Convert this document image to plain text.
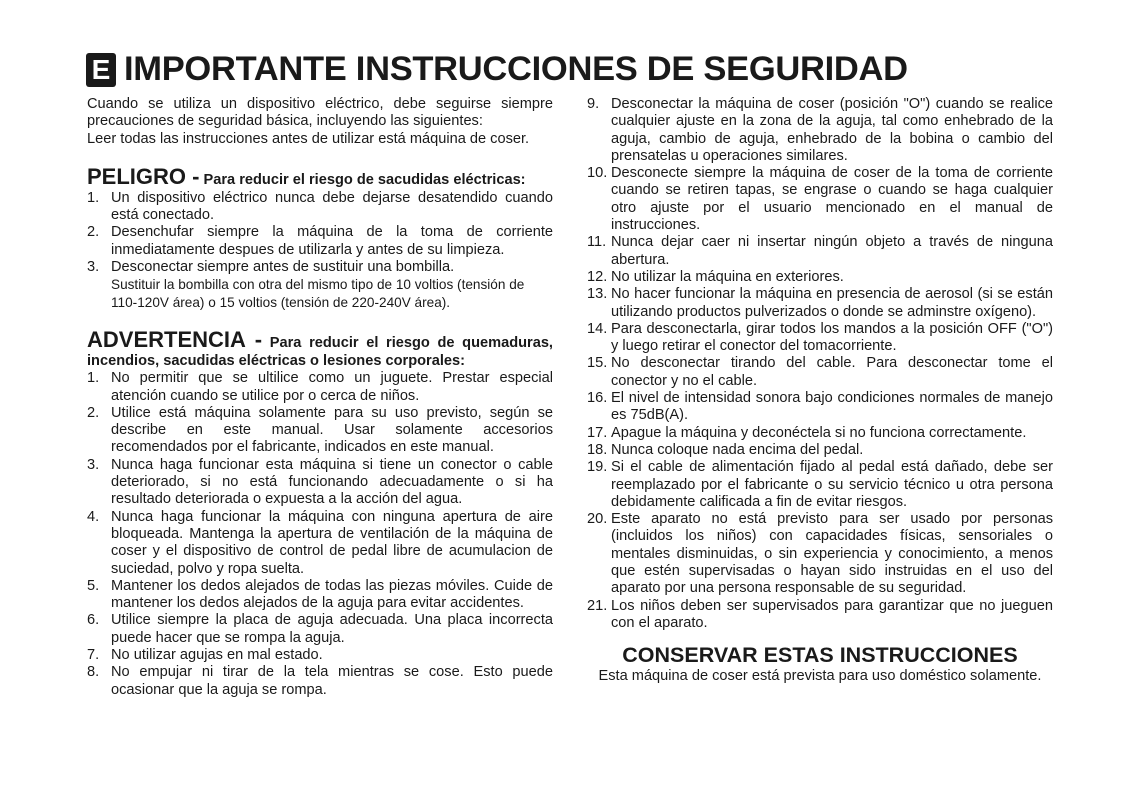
E IMPORTANTE INSTRUCCIONES DE SEGURIDAD

Cuando se utiliza un dispositivo eléctrico, debe seguirse siempre precauciones de seguridad básica, incluyendo las siguientes:

Leer todas las instrucciones antes de utilizar está máquina de coser.

PELIGRO - Para reducir el riesgo de sacudidas eléctricas:
1. Un dispositivo eléctrico nunca debe dejarse desatendido cuando está conectado.
2. Desenchufar siempre la máquina de la toma de corriente inmediatamente despues de utilizarla y antes de su limpieza.
3. Desconectar siempre antes de sustituir una bombilla.
Sustituir la bombilla con otra del mismo tipo de 10 voltios (tensión de 110-120V área) o 15 voltios (tensión de 220-240V área).
ADVERTENCIA - Para reducir el riesgo de quemaduras, incendios, sacudidas eléctricas o lesiones corporales:
1. No permitir que se ultilice como un juguete. Prestar especial atención cuando se utilice por o cerca de niños.
2. Utilice está máquina solamente para su uso previsto, según se describe en este manual. Usar solamente accesorios recomendados por el fabricante, indicados en este manual.
3. Nunca haga funcionar esta máquina si tiene un conector o cable deteriorado, si no está funcionando adecuadamente o si ha resultado deteriorada o expuesta a la acción del agua.
4. Nunca haga funcionar la máquina con ninguna apertura de aire bloqueada. Mantenga la apertura de ventilación de la máquina de coser y el dispositivo de control de pedal libre de acumulacion de suciedad, polvo y ropa suelta.
5. Mantener los dedos alejados de todas las piezas móviles. Cuide de mantener los dedos alejados de la aguja para evitar accidentes.
6. Utilice siempre la placa de aguja adecuada. Una placa incorrecta puede hacer que se rompa la aguja.
7. No utilizar agujas en mal estado.
8. No empujar ni tirar de la tela mientras se cose. Esto puede ocasionar que la aguja se rompa.
9. Desconectar la máquina de coser (posición "O") cuando se realice cualquier ajuste en la zona de la aguja, tal como enhebrado de la aguja, cambio de aguja, enhebrado de la bobina o cambio del prensatelas u operaciones similares.
10. Desconecte siempre la máquina de coser de la toma de corriente cuando se retiren tapas, se engrase o cuando se haga cualquier otro ajuste por el usuario mencionado en el manual de instrucciones.
11. Nunca dejar caer ni insertar ningún objeto a través de ninguna abertura.
12. No utilizar la máquina en exteriores.
13. No hacer funcionar la máquina en presencia de aerosol (si se están utilizando productos pulverizados o donde se adminstre oxígeno).
14. Para desconectarla, girar todos los mandos a la posición OFF ("O") y luego retirar el conector del tomacorriente.
15. No desconectar tirando del cable. Para desconectar tome el conector y no el cable.
16. El nivel de intensidad sonora bajo condiciones normales de manejo es 75dB(A).
17. Apague la máquina y deconéctela si no funciona correctamente.
18. Nunca coloque nada encima del pedal.
19. Si el cable de alimentación fijado al pedal está dañado, debe ser reemplazado por el fabricante o su servicio técnico u otra persona debidamente calificada a fin de evitar riesgos.
20. Este aparato no está previsto para ser usado por personas (incluidos los niños) con capacidades físicas, sensoriales o mentales disminuidas, o sin experiencia y conocimiento, a menos que estén supervisadas o hayan sido instruidas en el uso del aparato por una persona responsable de su seguridad.
21. Los niños deben ser supervisados para garantizar que no jueguen con el aparato.
CONSERVAR ESTAS INSTRUCCIONES
Esta máquina de coser está prevista para uso doméstico solamente.
